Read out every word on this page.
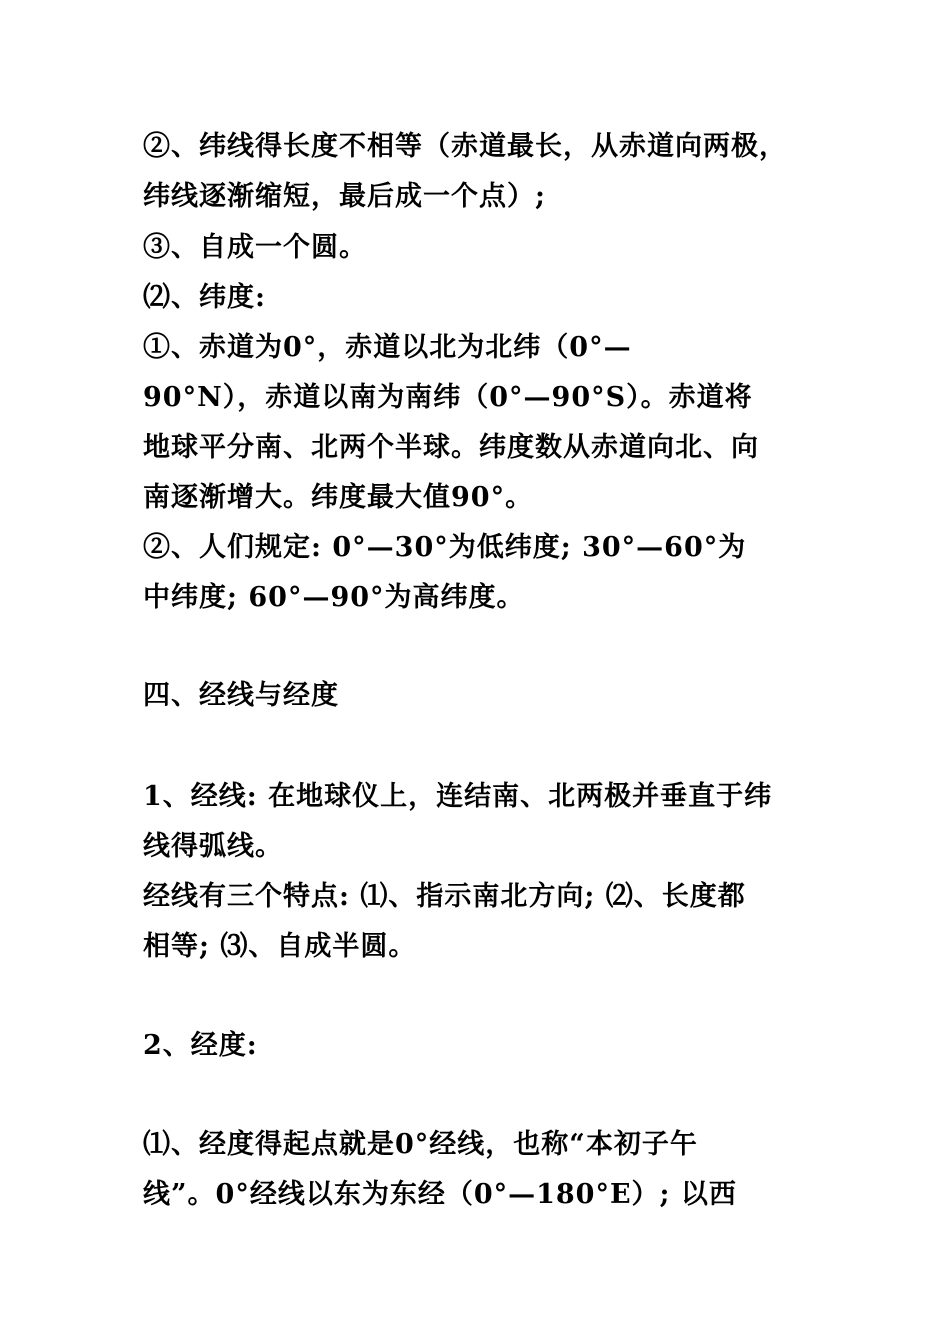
②、纬线得长度不相等（赤道最长，从赤道向两极，
纬线逐渐缩短，最后成一个点）;
③、自成一个圆。
⑵、纬度:
①、赤道为0°，赤道以北为北纬（0°—
90°N），赤道以南为南纬（0°—90°S）。赤道将
地球平分南、北两个半球。纬度数从赤道向北、向
南逐渐增大。纬度最大值90°。
②、人们规定: 0°—30°为低纬度; 30°—60°为
中纬度; 60°—90°为高纬度。
四、经线与经度
1、经线: 在地球仪上，连结南、北两极并垂直于纬
线得弧线。
经线有三个特点: ⑴、指示南北方向; ⑵、长度都
相等; ⑶、自成半圆。
2、经度:
⑴、经度得起点就是0°经线，也称“本初子午
线”。0°经线以东为东经（0°—180°E）; 以西
